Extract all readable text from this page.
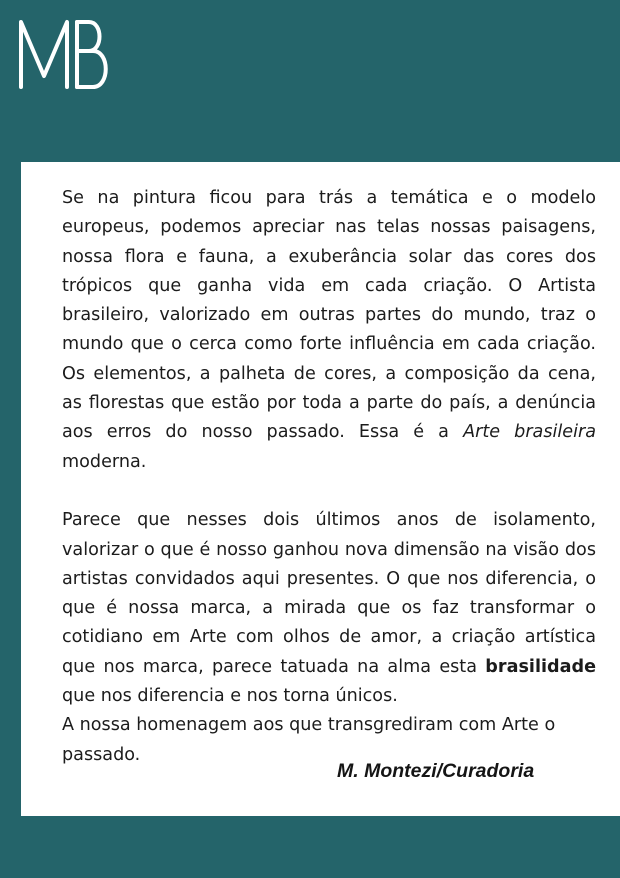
Se na pintura ficou para trás a temática e o modelo europeus, podemos apreciar nas telas nossas paisagens, nossa flora e fauna, a exuberância solar das cores dos trópicos que ganha vida em cada criação. O Artista brasileiro, valorizado em outras partes do mundo, traz o mundo que o cerca como forte influência em cada criação. Os elementos, a palheta de cores, a composição da cena, as florestas que estão por toda a parte do país, a denúncia aos erros do nosso passado. Essa é a Arte brasileira moderna.

Parece que nesses dois últimos anos de isolamento, valorizar o que é nosso ganhou nova dimensão na visão dos artistas convidados aqui presentes. O que nos diferencia, o que é nossa marca, a mirada que os faz transformar o cotidiano em Arte com olhos de amor, a criação artística que nos marca, parece tatuada na alma esta brasilidade que nos diferencia e nos torna únicos.

A nossa homenagem aos que transgrediram com Arte o passado.

M. Montezi/Curadoria
